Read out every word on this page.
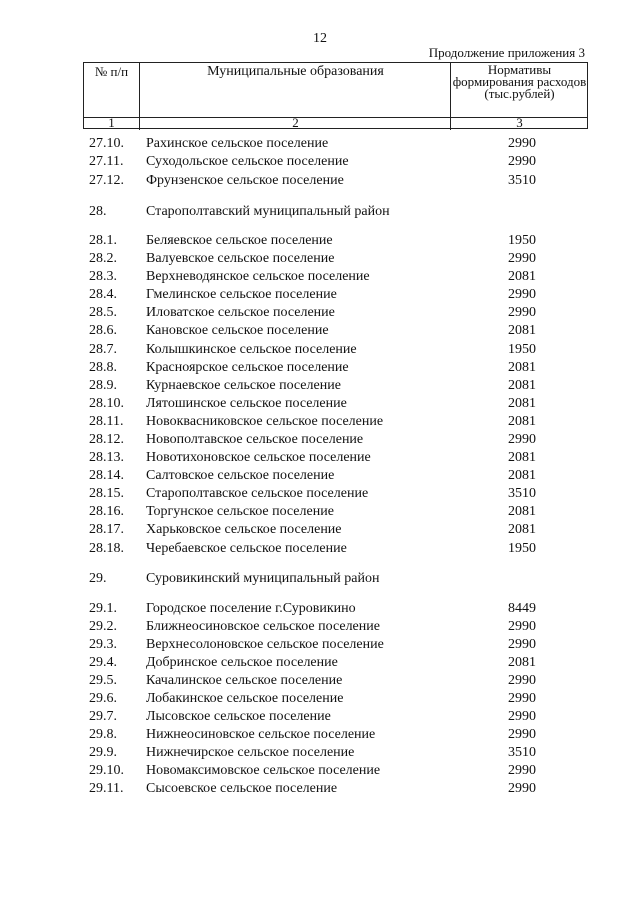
12
Продолжение приложения 3
№ п/п	Муниципальные образования	Нормативы формирования расходов (тыс.рублей)
1	2	3
27.10. Рахинское сельское поселение	2990
27.11. Суходольское сельское поселение	2990
27.12. Фрунзенское сельское поселение	3510
28.	Старополтавский муниципальный район
28.1. Беляевское сельское поселение	1950
28.2. Валуевское сельское поселение	2990
28.3. Верхневодянское сельское поселение	2081
28.4. Гмелинское сельское поселение	2990
28.5. Иловатское сельское поселение	2990
28.6. Кановское сельское поселение	2081
28.7. Колышкинское сельское поселение	1950
28.8. Красноярское сельское поселение	2081
28.9. Курнаевское сельское поселение	2081
28.10. Лятошинское сельское поселение	2081
28.11. Новоквасниковское сельское поселение	2081
28.12. Новополтавское сельское поселение	2990
28.13. Новотихоновское сельское поселение	2081
28.14. Салтовское сельское поселение	2081
28.15. Старополтавское сельское поселение	3510
28.16. Торгунское сельское поселение	2081
28.17. Харьковское сельское поселение	2081
28.18. Черебаевское сельское поселение	1950
29.	Суровикинский муниципальный район
29.1. Городское поселение г.Суровикино	8449
29.2. Ближнеосиновское сельское поселение	2990
29.3. Верхнесолоновское сельское поселение	2990
29.4. Добринское сельское поселение	2081
29.5. Качалинское сельское поселение	2990
29.6. Лобакинское сельское поселение	2990
29.7. Лысовское сельское поселение	2990
29.8. Нижнеосиновское сельское поселение	2990
29.9. Нижнечирское сельское поселение	3510
29.10. Новомаксимовское сельское поселение	2990
29.11. Сысоевское сельское поселение	2990
